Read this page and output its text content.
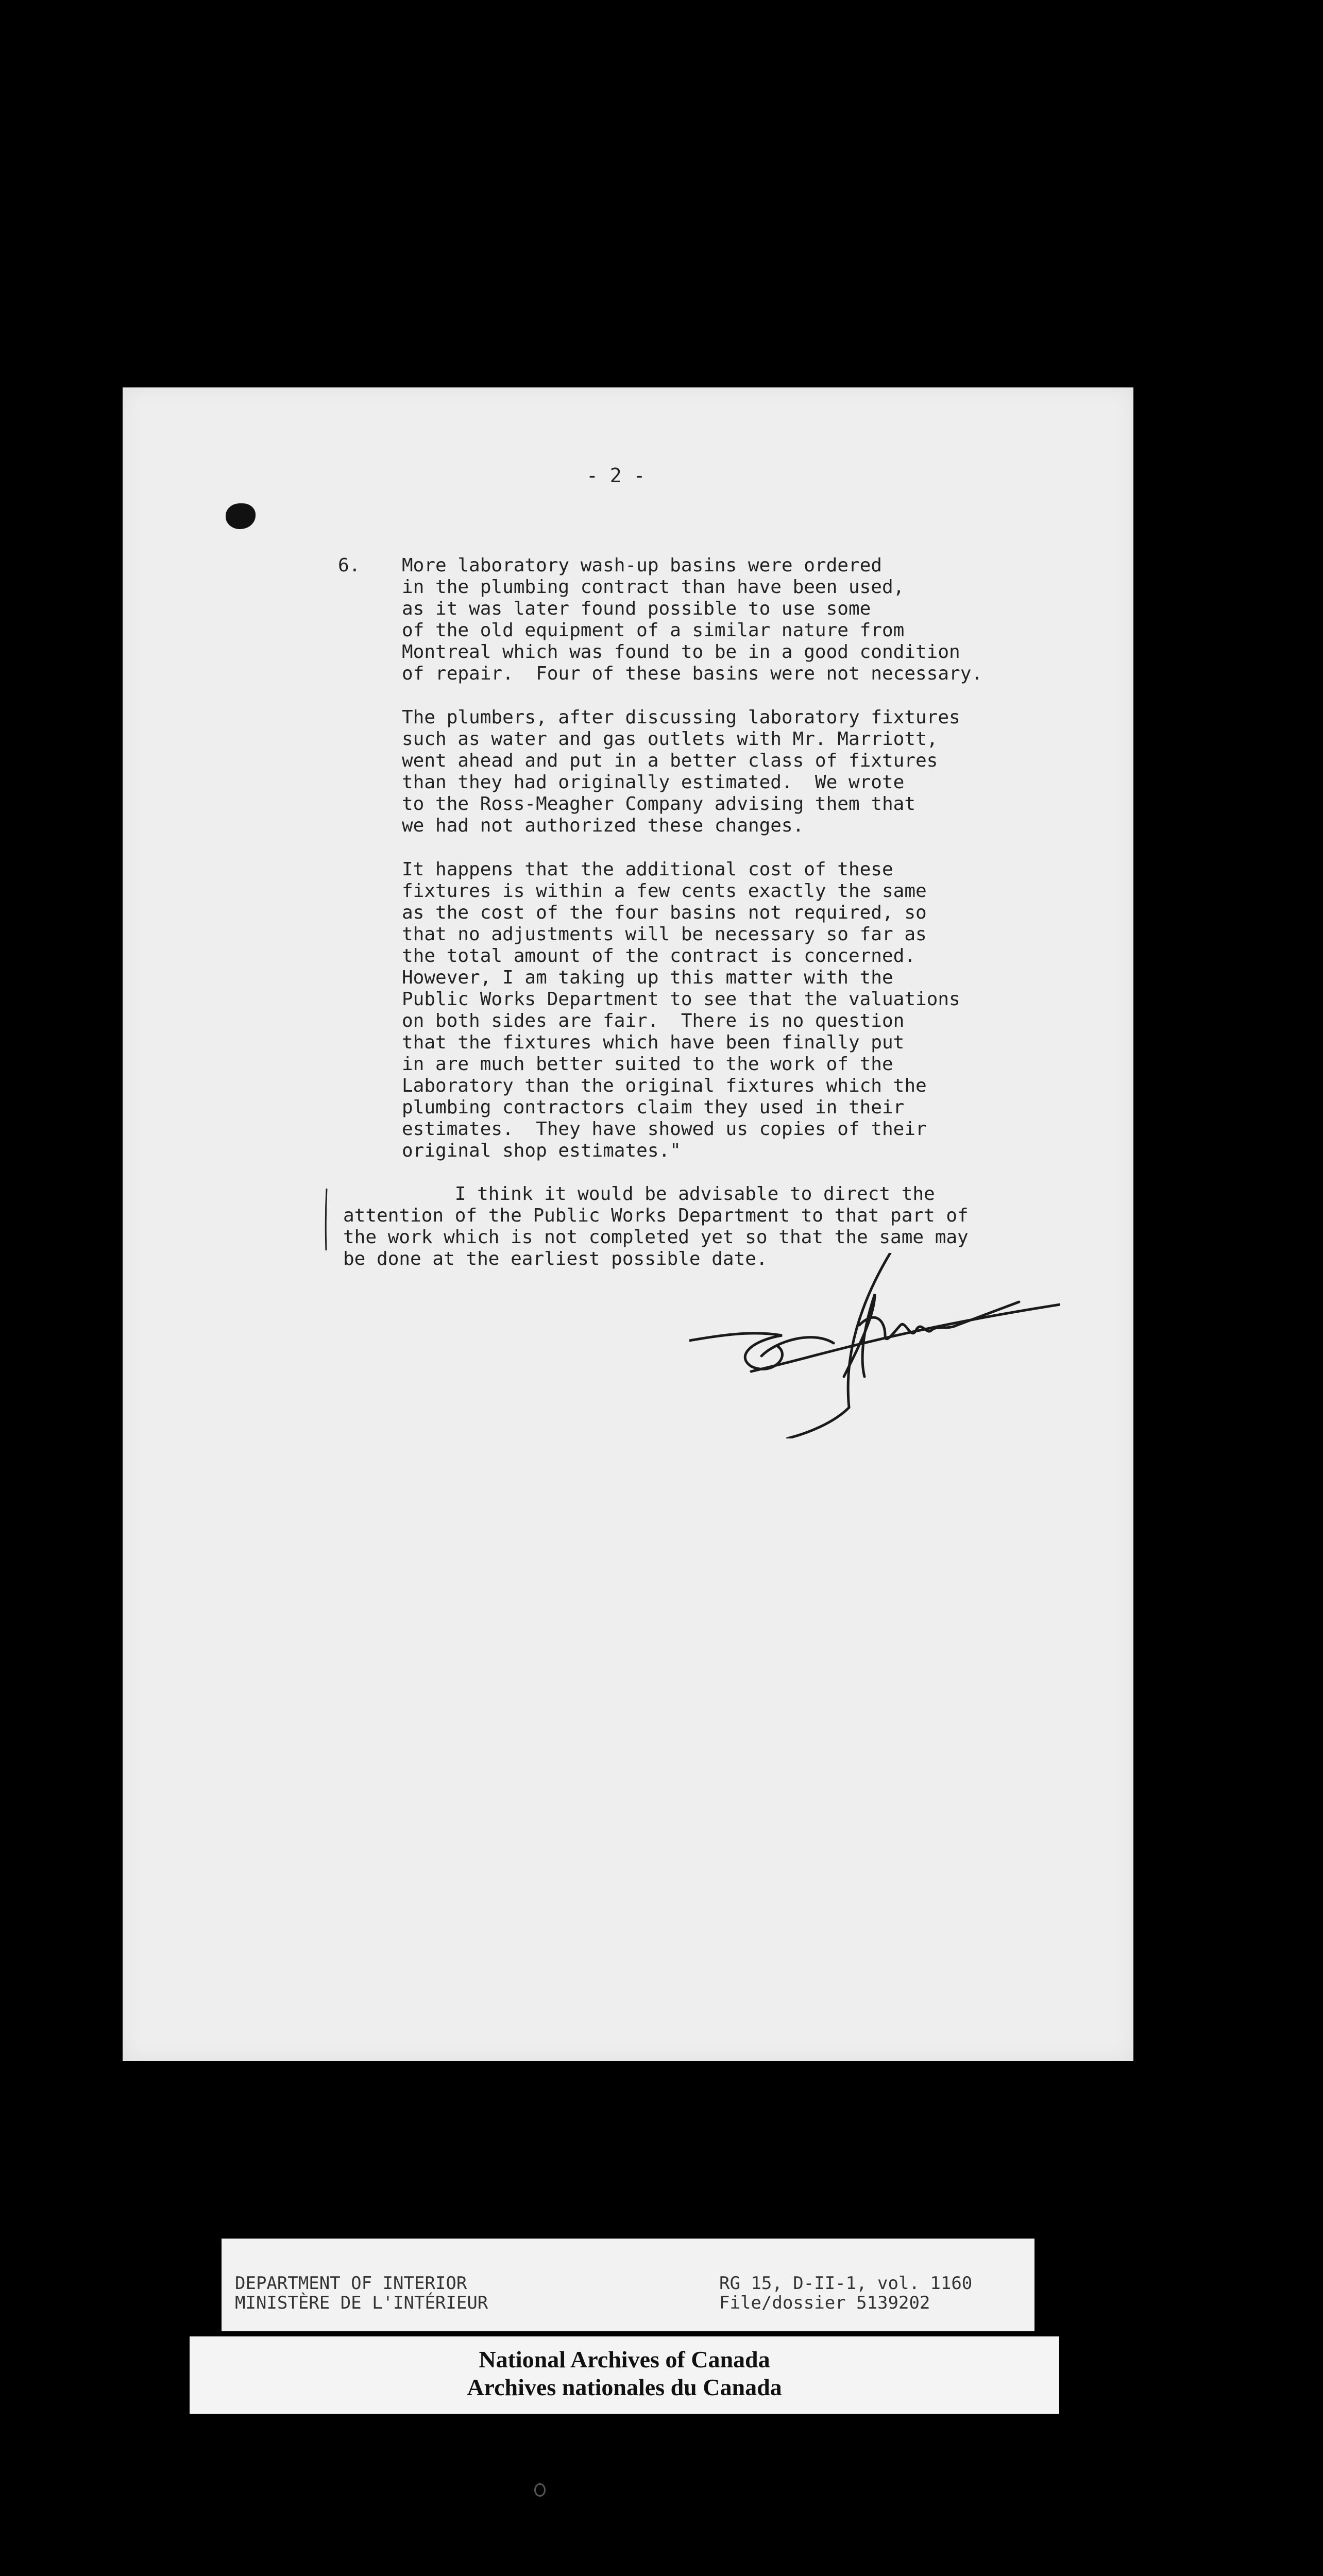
- 2 -

6. More laboratory wash-up basins were ordered
in the plumbing contract than have been used,
as it was later found possible to use some
of the old equipment of a similar nature from
Montreal which was found to be in a good condition
of repair.  Four of these basins were not necessary.

The plumbers, after discussing laboratory fixtures
such as water and gas outlets with Mr. Marriott,
went ahead and put in a better class of fixtures
than they had originally estimated.  We wrote
to the Ross-Meagher Company advising them that
we had not authorized these changes.

It happens that the additional cost of these
fixtures is within a few cents exactly the same
as the cost of the four basins not required, so
that no adjustments will be necessary so far as
the total amount of the contract is concerned.
However, I am taking up this matter with the
Public Works Department to see that the valuations
on both sides are fair.  There is no question
that the fixtures which have been finally put
in are much better suited to the work of the
Laboratory than the original fixtures which the
plumbing contractors claim they used in their
estimates.  They have showed us copies of their
original shop estimates."

I think it would be advisable to direct the
attention of the Public Works Department to that part of
the work which is not completed yet so that the same may
be done at the earliest possible date.

DEPARTMENT OF INTERIOR
MINISTÈRE DE L'INTÉRIEUR

RG 15, D-II-1, vol. 1160
File/dossier 5139202

National Archives of Canada
Archives nationales du Canada
